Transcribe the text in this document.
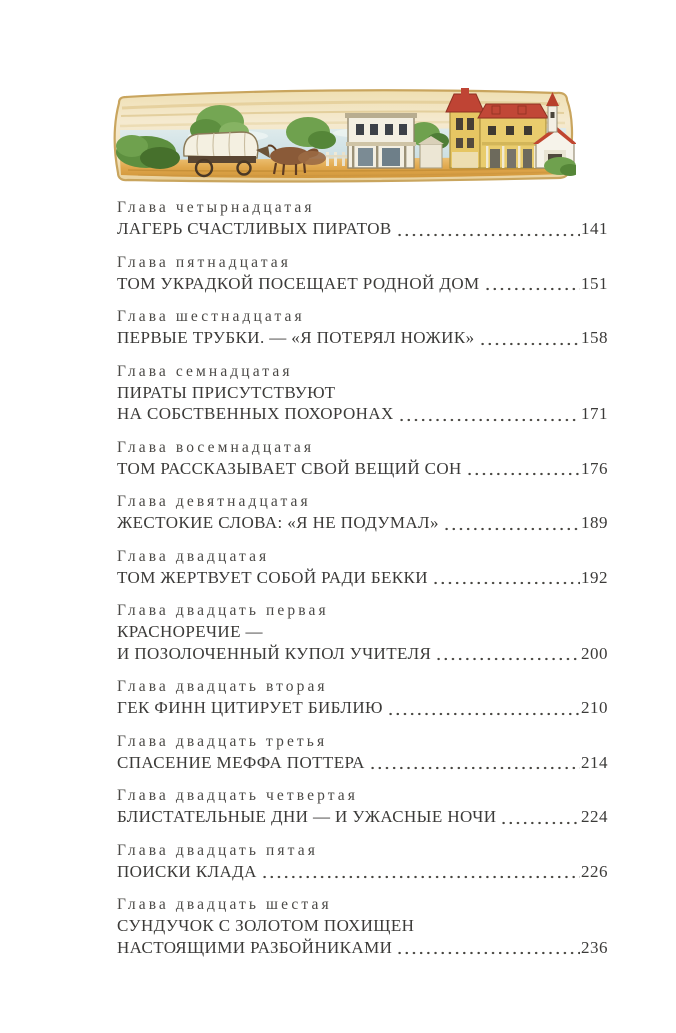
Глава четырнадцатая
ЛАГЕРЬ СЧАСТЛИВЫХ ПИРАТОВ	141
Глава пятнадцатая
ТОМ УКРАДКОЙ ПОСЕЩАЕТ РОДНОЙ ДОМ	151
Глава шестнадцатая
ПЕРВЫЕ ТРУБКИ. — «Я ПОТЕРЯЛ НОЖИК»	158
Глава семнадцатая
ПИРАТЫ ПРИСУТСТВУЮТ
НА СОБСТВЕННЫХ ПОХОРОНАХ	171
Глава восемнадцатая
ТОМ РАССКАЗЫВАЕТ СВОЙ ВЕЩИЙ СОН	176
Глава девятнадцатая
ЖЕСТОКИЕ СЛОВА: «Я НЕ ПОДУМАЛ»	189
Глава двадцатая
ТОМ ЖЕРТВУЕТ СОБОЙ РАДИ БЕККИ	192
Глава двадцать первая
КРАСНОРЕЧИЕ —
И ПОЗОЛОЧЕННЫЙ КУПОЛ УЧИТЕЛЯ	200
Глава двадцать вторая
ГЕК ФИНН ЦИТИРУЕТ БИБЛИЮ	210
Глава двадцать третья
СПАСЕНИЕ МЕФФА ПОТТЕРА	214
Глава двадцать четвертая
БЛИСТАТЕЛЬНЫЕ ДНИ — И УЖАСНЫЕ НОЧИ	224
Глава двадцать пятая
ПОИСКИ КЛАДА	226
Глава двадцать шестая
СУНДУЧОК С ЗОЛОТОМ ПОХИЩЕН
НАСТОЯЩИМИ РАЗБОЙНИКАМИ	236
